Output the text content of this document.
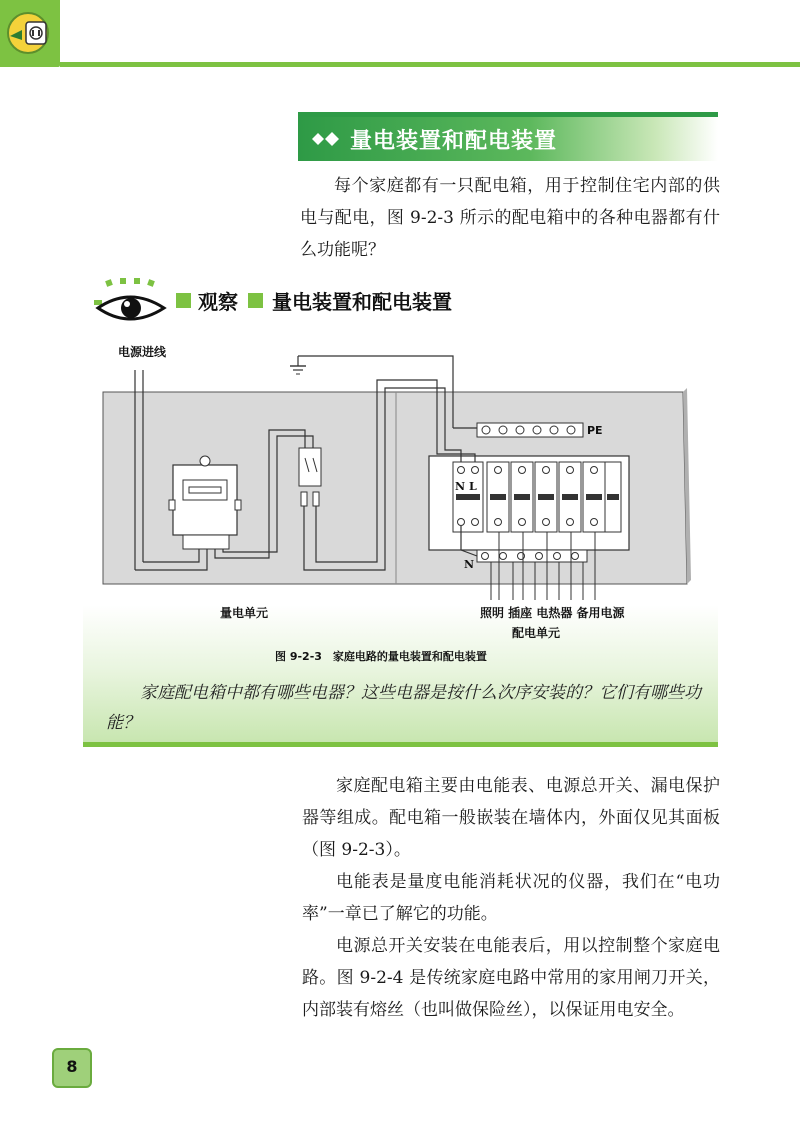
量电装置和配电装置
每个家庭都有一只配电箱，用于控制住宅内部的供电与配电，图 9-2-3 所示的配电箱中的各种电器都有什么功能呢？
观察 量电装置和配电装置
PE
N L
N
电源进线
量电单元	照明 插座 电热器 备用电源
配电单元
图 9-2-3　家庭电路的量电装置和配电装置
家庭配电箱中都有哪些电器？这些电器是按什么次序安装的？它们有哪些功能？

家庭配电箱主要由电能表、电源总开关、漏电保护器等组成。配电箱一般嵌装在墙体内，外面仅见其面板（图 9-2-3）。

电能表是量度电能消耗状况的仪器，我们在“电功率”一章已了解它的功能。

电源总开关安装在电能表后，用以控制整个家庭电路。图 9-2-4 是传统家庭电路中常用的家用闸刀开关，内部装有熔丝（也叫做保险丝），以保证用电安全。

8
